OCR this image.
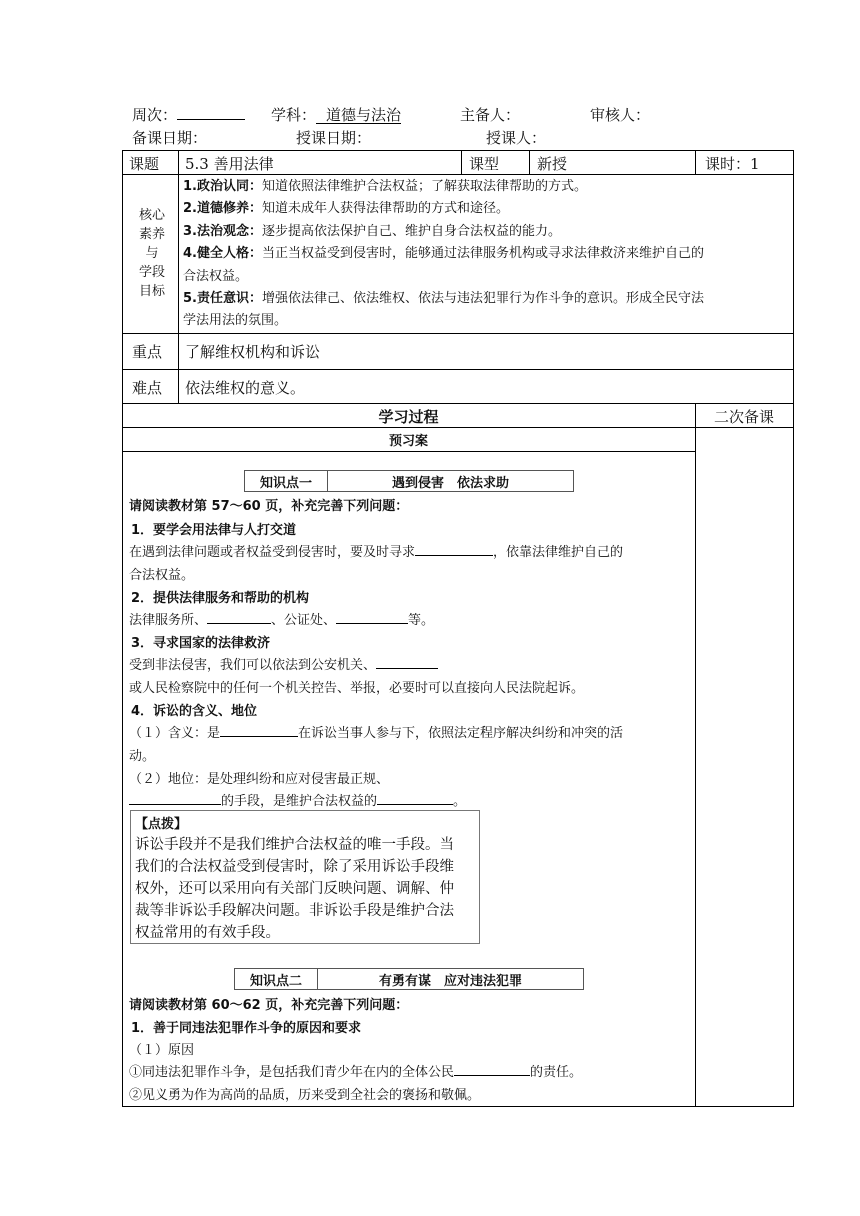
周次：	学科： 道德与法治	主备人：	审核人：
备课日期：	授课日期：	授课人：
课题 5.3 善用法律	课型	新授	课时：1
核心
素养
与
学段
目标
1.政治认同：知道依照法律维护合法权益；了解获取法律帮助的方式。
2.道德修养：知道未成年人获得法律帮助的方式和途径。
3.法治观念：逐步提高依法保护自己、维护自身合法权益的能力。
4.健全人格：当正当权益受到侵害时，能够通过法律服务机构或寻求法律救济来维护自己的
合法权益。
5.责任意识：增强依法律己、依法维权、依法与违法犯罪行为作斗争的意识。形成全民守法
学法用法的氛围。
重点 了解维权机构和诉讼
难点 依法维权的意义。
学习过程	二次备课
预习案
知识点一	遇到侵害　依法求助
请阅读教材第 57～60 页，补充完善下列问题：
1．要学会用法律与人打交道
在遇到法律问题或者权益受到侵害时，要及时寻求	，依靠法律维护自己的
合法权益。
2．提供法律服务和帮助的机构
法律服务所、	、公证处、	等。
3．寻求国家的法律救济
受到非法侵害，我们可以依法到公安机关、
或人民检察院中的任何一个机关控告、举报，必要时可以直接向人民法院起诉。
4．诉讼的含义、地位
（１）含义：是	在诉讼当事人参与下，依照法定程序解决纠纷和冲突的活
动。
（２）地位：是处理纠纷和应对侵害最正规、
的手段，是维护合法权益的	。
【点拨】
诉讼手段并不是我们维护合法权益的唯一手段。当
我们的合法权益受到侵害时，除了采用诉讼手段维
权外，还可以采用向有关部门反映问题、调解、仲
裁等非诉讼手段解决问题。非诉讼手段是维护合法
权益常用的有效手段。
知识点二	有勇有谋　应对违法犯罪
请阅读教材第 60～62 页，补充完善下列问题：
1．善于同违法犯罪作斗争的原因和要求
（１）原因
①同违法犯罪作斗争，是包括我们青少年在内的全体公民	的责任。
②见义勇为作为高尚的品质，历来受到全社会的褒扬和敬佩。
